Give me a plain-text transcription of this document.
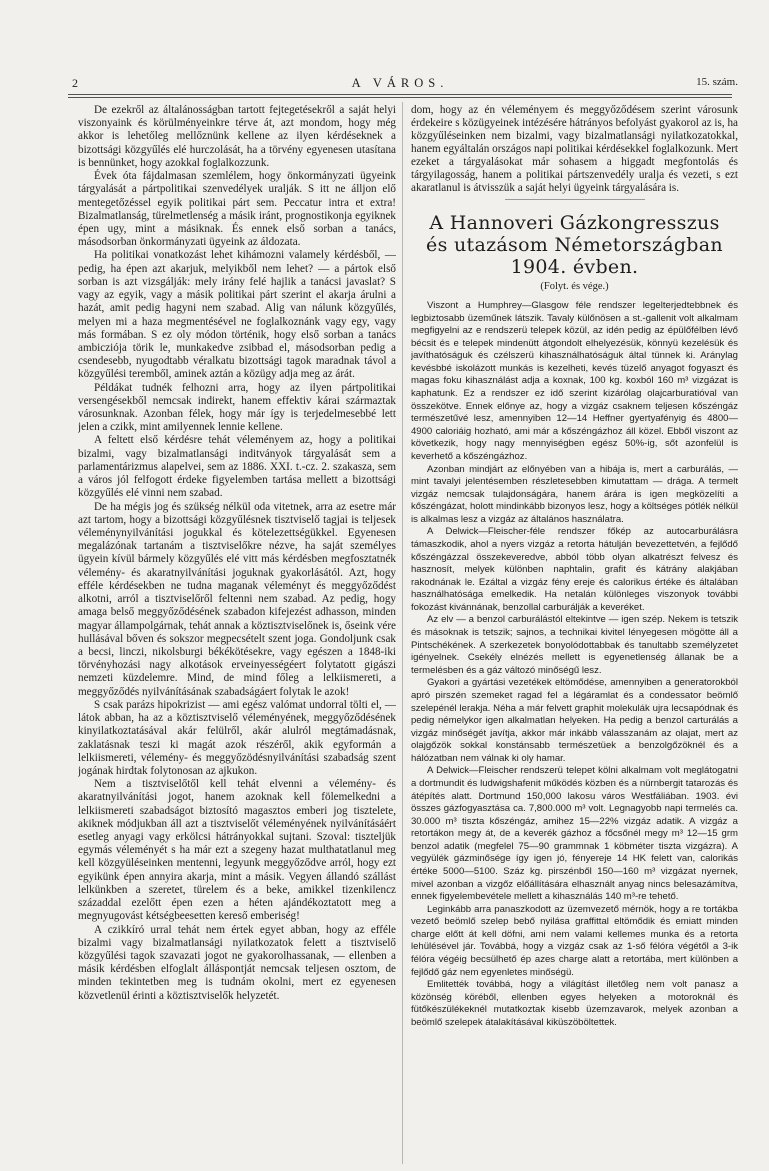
2	A VÁROS.	15. szám.

De ezekről az általánosságban tartott fejtegetésekről a saját helyi viszonyaink és körülményeinkre térve át, azt mondom, hogy még akkor is lehetőleg mellőznünk kellene az ilyen kérdéseknek a bizottsági közgyűlés elé hurczolását, ha a törvény egyenesen utasítana is bennünket, hogy azokkal foglalkozzunk.

Évek óta fájdalmasan szemlélem, hogy önkormányzati ügyeink tárgyalását a pártpolitikai szenvedélyek uralják. S itt ne álljon elő mentegetőzéssel egyik politikai párt sem. Peccatur intra et extra! Bizalmatlanság, türelmetlenség a másik iránt, prognostikonja egyiknek épen ugy, mint a másiknak. És ennek első sorban a tanács, másodsorban önkormányzati ügyeink az áldozata.

Ha politikai vonatkozást lehet kihámozni valamely kérdésből, — pedig, ha épen azt akarjuk, melyikből nem lehet? — a pártok első sorban is azt vizsgálják: mely irány felé hajlik a tanácsi javaslat? S vagy az egyik, vagy a másik politikai párt szerint el akarja árulni a hazát, amit pedig hagyni nem szabad. Alig van nálunk közgyűlés, melyen mi a haza megmentésével ne foglalkoznánk vagy egy, vagy más formában. S ez oly módon történik, hogy első sorban a tanács ambicziója törik le, munkakedve zsibbad el, másodsorban pedig a csendesebb, nyugodtabb véralkatu bizottsági tagok maradnak távol a közgyűlési teremből, aminek aztán a közügy adja meg az árát.

Példákat tudnék felhozni arra, hogy az ilyen pártpolitikai versengésekből nemcsak indirekt, hanem effektiv kárai származtak városunknak. Azonban félek, hogy már így is terjedelmesebbé lett jelen a czikk, mint amilyennek lennie kellene.

A feltett első kérdésre tehát véleményem az, hogy a politikai bizalmi, vagy bizalmatlansági inditványok tárgyalását sem a parlamentárizmus alapelvei, sem az 1886. XXI. t.-cz. 2. szakasza, sem a város jól felfogott érdeke figyelemben tartása mellett a bizottsági közgyűlés elé vinni nem szabad.

De ha mégis jog és szükség nélkül oda vitetnek, arra az esetre már azt tartom, hogy a bizottsági közgyűlésnek tisztviselő tagjai is teljesek véleménynyilvánítási jogukkal és kötelezettségükkel. Egyenesen megalázónak tartanám a tisztviselőkre nézve, ha saját személyes ügyein kívül bármely közgyűlés elé vitt más kérdésben megfosztatnék vélemény- és akaratnyilvánítási joguknak gyakorlásától. Azt, hogy efféle kérdésekben ne tudna maganak véleményt és meggyőződést alkotni, arról a tisztviselőről feltenni nem szabad. Az pedig, hogy amaga belső meggyőződésének szabadon kifejezést adhasson, minden magyar állampolgárnak, tehát annak a köztisztviselőnek is, őseink vére hullásával bőven és sokszor megpecsételt szent joga. Gondoljunk csak a becsi, linczi, nikolsburgi békékötésekre, vagy egészen a 1848-iki törvényhozási nagy alkotások erveinyességéert folytatott gigászi nemzeti küzdelemre. Mind, de mind főleg a lelkiismereti, a meggyőződés nyilvánításának szabadságáert folytak le azok!

S csak parázs hipokrizist — ami egész valómat undorral tölti el, — látok abban, ha az a köztisztviselő véleményének, meggyőződésének kinyilatkoztatásával akár felülről, akár alulról megtámadásnak, zaklatásnak teszi ki magát azok részéről, akik egyformán a lelkiismereti, vélemény- és meggyőzödésnyilvánítási szabadság szent jogának hirdtak folytonosan az ajkukon.

Nem a tisztviselőtől kell tehát elvenni a vélemény- és akaratnyilvánítási jogot, hanem azoknak kell fölemelkedni a lelkiismereti szabadságot biztosító magasztos emberi jog tisztelete, akiknek módjukban áll azt a tisztviselőt véleményének nyilvánításáért esetleg anyagi vagy erkölcsi hátrányokkal sujtani. Szoval: tiszteljük egymás véleményét s ha már ezt a szegeny hazat multhatatlanul meg kell közgyüléseinken mentenni, legyunk meggyőződve arról, hogy ezt egyikünk épen annyira akarja, mint a másik. Vegyen állandó szállást lelkünkben a szeretet, türelem és a beke, amikkel tizenkilencz századdal ezelőtt épen ezen a héten ajándékoztatott meg a megnyugovást kétségbeesetten kereső emberiség!

A czikkíró urral tehát nem értek egyet abban, hogy az efféle bizalmi vagy bizalmatlansági nyilatkozatok felett a tisztviselő közgyűlési tagok szavazati jogot ne gyakorolhassanak, — ellenben a másik kérdésben elfoglalt álláspontját nemcsak teljesen osztom, de minden tekintetben meg is tudnám okolni, mert ez egyenesen közvetlenül érinti a köztisztviselők helyzetét.

dom, hogy az én véleményem és meggyőződésem szerint városunk érdekeire s közügyeinek intézésére hátrányos befolyást gyakorol az is, ha közgyűléseinken nem bizalmi, vagy bizalmatlansági nyilatkozatokkal, hanem egyáltalán országos napi politikai kérdésekkel foglalkozunk. Mert ezeket a tárgyalásokat már sohasem a higgadt megfontolás és tárgyilagosság, hanem a politikai pártszenvedély uralja és vezeti, s ezt akaratlanul is átvisszük a saját helyi ügyeink tárgyalására is.

A Hannoveri Gázkongresszus
és utazásom Németországban
1904. évben.
(Folyt. és vége.)

Viszont a Humphrey—Glasgow féle rendszer legelterjedtebbnek és legbiztosabb üzeműnek látszik. Tavaly külőnösen a st.-gallenit volt alkalmam megfigyelni az e rendszerü telepek közül, az idén pedig az épülőfélben lévő bécsit és e telepek mindenütt átgondolt elhelyezésük, könnyü kezelésük és javíthatóságuk és czélszerü kihasználhatóságuk által tünnek ki. Aránylag kevésbbé iskolázott munkás is kezelheti, kevés tüzelő anyagot fogyaszt és magas foku kihasználást adja a koxnak, 100 kg. koxból 160 m³ vizgázat is kaphatunk. Ez a rendszer ez idő szerint kizárólag olajcarburatióval van összekötve. Ennek előnye az, hogy a vizgáz csaknem teljesen kőszéngáz természetűvé lesz, amennyiben 12—14 Heffner gyertyafényig és 4800—4900 caloriáig hozható, ami már a kőszéngázhoz áll közel. Ebből viszont az következik, hogy nagy mennyiségben egész 50%-ig, sőt azonfelül is keverhető a kőszéngázhoz.

Azonban mindjárt az előnyében van a hibája is, mert a carburálás, — mint tavalyi jelentésemben részletesebben kimutattam — drága. A termelt vizgáz nemcsak tulajdonságára, hanem árára is igen megközelíti a kőszéngázat, holott mindinkább bizonyos lesz, hogy a költséges pótlék nélkül is alkalmas lesz a vizgáz az általános használatra.

A Delwick—Fleischer-féle rendszer főkép az autocarburálásra támaszkodik, ahol a nyers vizgáz a retorta hátulján bevezettetvén, a fejlődő kőszéngázzal összekeveredve, abból több olyan alkatrészt felvesz és hasznosít, melyek különben naphtalin, grafit és kátrány alakjában rakodnának le. Ezáltal a vizgáz fény ereje és calorikus értéke és általában használhatósága emelkedik. Ha netalán különleges viszonyok további fokozást kivánnának, benzollal carburálják a keveréket.

Az elv — a benzol carburálástól eltekintve — igen szép. Nekem is tetszik és másoknak is tetszik; sajnos, a technikai kivitel lényegesen mögötte áll a Pintschékének. A szerkezetek bonyolódottabbak és tanultabb személyzetet igényelnek. Csekély elnézés mellett is egyenetlenség állanak be a termelésben és a gáz változó minőségű lesz.

Gyakori a gyártási vezetékek eltömődése, amennyiben a generatorokból apró pirszén szemeket ragad fel a légáramlat és a condessator beömlő szelepénél lerakja. Néha a már felvett graphit molekulák ujra lecsapódnak és pedig némelykor igen alkalmatlan helyeken. Ha pedig a benzol carturálás a vizgáz minőségét javítja, akkor már inkább válasszanám az olajat, mert az olajgőzök sokkal konstánsabb természetüek a benzolgőzöknél és a hálózatban nem válnak ki oly hamar.

A Delwick—Fleischer rendszerü telepet kölni alkalmam volt meglátogatni a dortmundit és ludwigshafenit működés közben és a nürnbergit tatarozás és átépítés alatt. Dortmund 150,000 lakosu város Westfáliában. 1903. évi összes gázfogyasztása ca. 7,800.000 m³ volt. Legnagyobb napi termelés ca. 30.000 m³ tiszta kőszéngáz, amihez 15—22% vizgáz adatik. A vizgáz a retortákon megy át, de a keverék gázhoz a főcsőnél megy m³ 12—15 grm benzol adatik (megfelel 75—90 grammnak 1 köbméter tiszta vizgázra). A vegyülék gázminősége így igen jó, fényereje 14 HK felett van, calorikás értéke 5000—5100. Száz kg. pirszénből 150—160 m³ vizgázat nyernek, mivel azonban a vizgőz előállítására elhasznált anyag nincs belesazámítva, ennek figyelembevétele mellett a kihasználás 140 m³-re tehető.

Leginkább arra panaszkodott az üzemvezető mérnök, hogy a re tortákba vezető beömlő szelep bebő nyilása graffittal eltömődik és emiatt minden charge előtt át kell döfni, ami nem valami kellemes munka és a retorta lehülésével jár. Továbbá, hogy a vizgáz csak az 1-ső félóra végétől a 3-ik félóra végéig becsülhető ép azes charge alatt a retortába, mert különben a fejlődő gáz nem egyenletes minőségü.

Emlitették továbbá, hogy a világítást illetőleg nem volt panasz a közönség köréből, ellenben egyes helyeken a motoroknál és fütőkészülékeknél mutatkoztak kisebb üzemzavarok, melyek azonban a beömlő szelepek átalakításával kiküszöböltettek.
